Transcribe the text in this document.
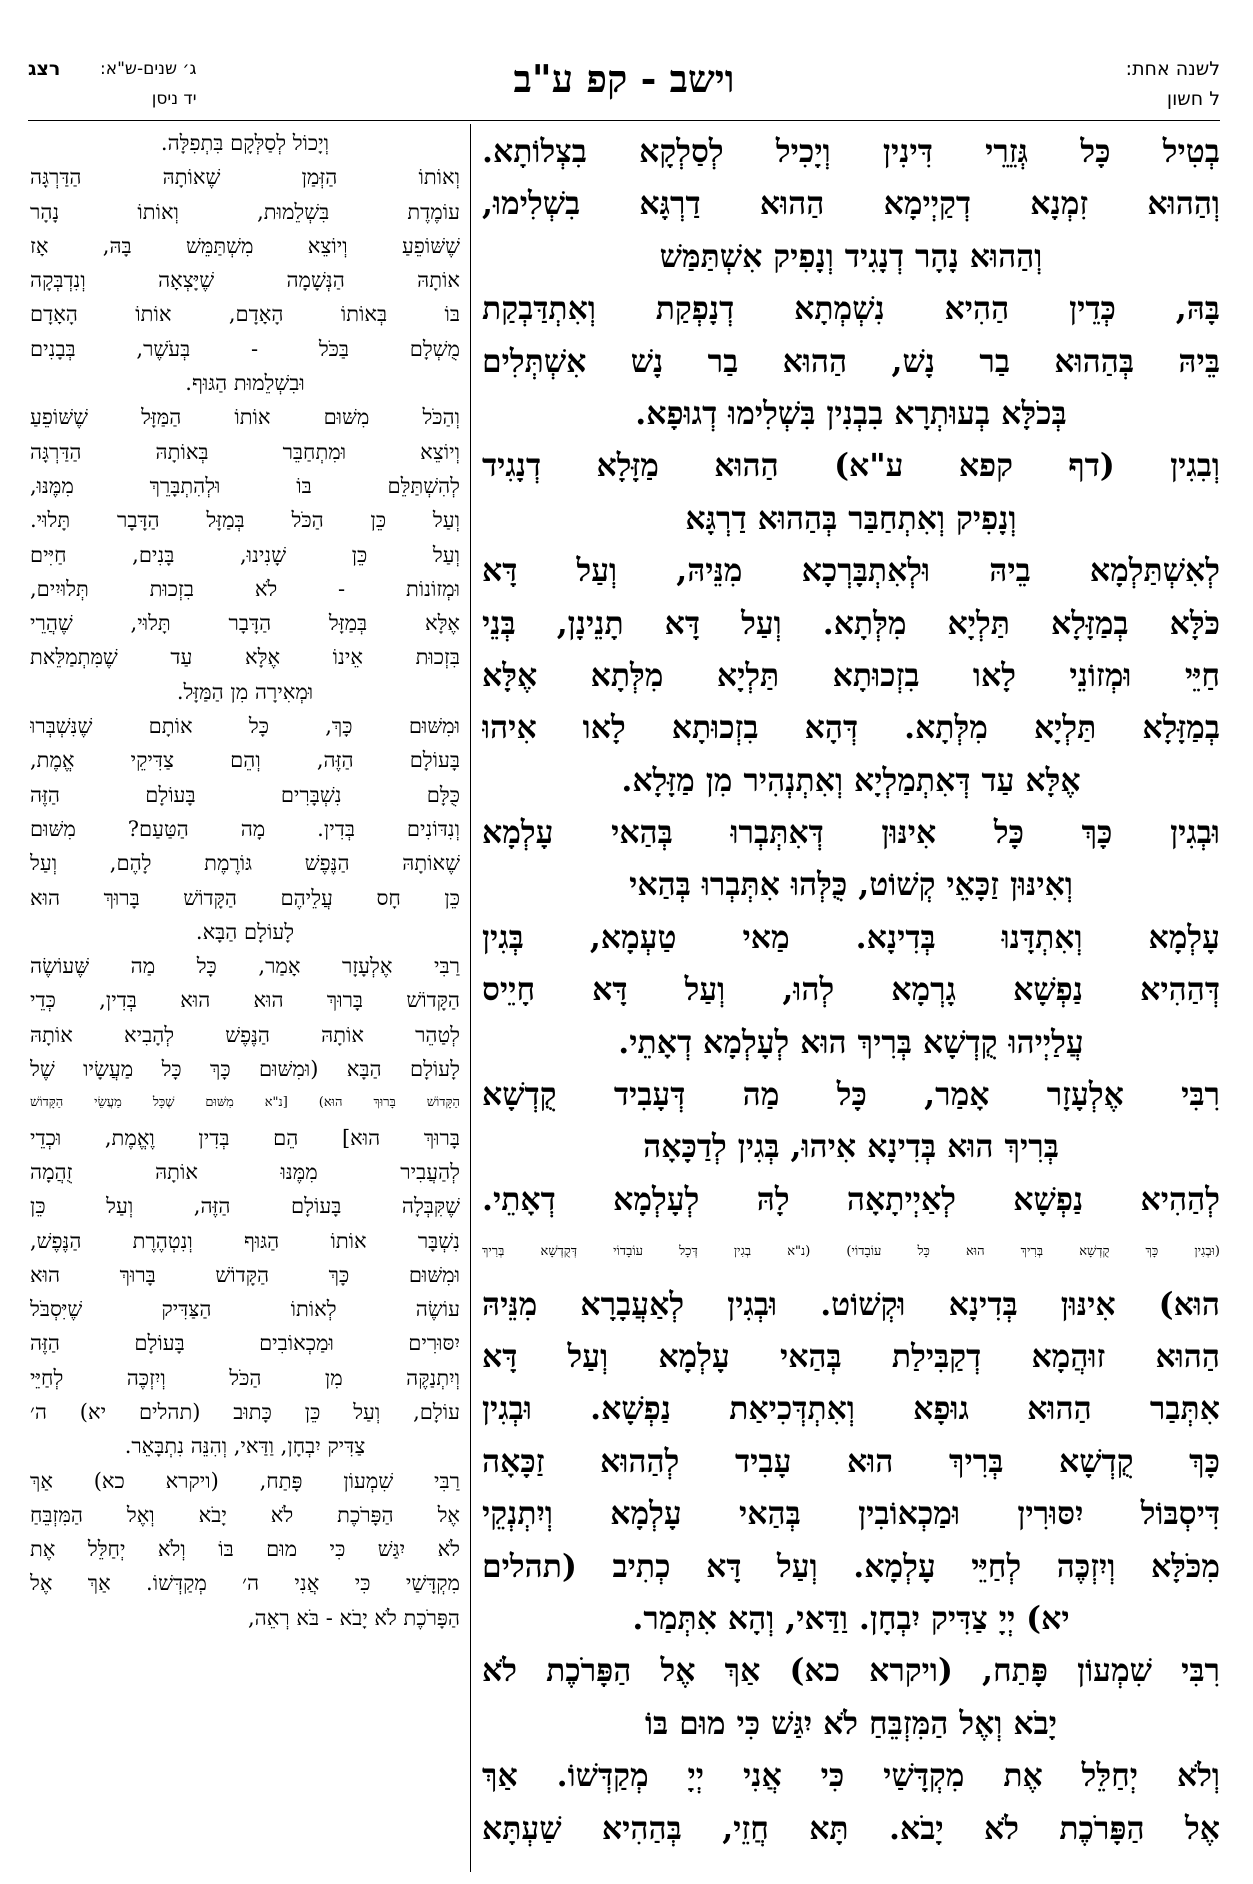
לשנה אחת:
ל חשון
וישב - קפ ע"ב
ג׳ שנים-ש"א:
יד ניסן
רצג
בְטִיל כָּל גְּזֵרֵי דִּינִין וְיָכִיל לְסַלְקָא בִצְלוֹתָא.
וְהַהוּא זִמְנָא דְקַיְימָא הַהוּא דַרְגָּא בִשְׁלִימוּ,
וְהַהוּא נָהָר דְנָגִיד וְנָפִיק אִשְׁתַּמַּשׁ
בָּהּ, כְּדֵין הַהִיא נִשְׁמְתָא דְנָפְקַת וְאִתְדַּבְקַת
בֵּיהּ בְּהַהוּא בַר נָשׁ, הַהוּא בַר נָשׁ אִשְׁתְּלִים
בְּכֹלָּא בְעוּתְרָא בִבְנִין בִּשְׁלִימוּ דְגוּפָא.
וְבִגִין (דף קפא ע"א) הַהוּא מַזָּלָא דְנָגִיד
וְנָפִיק וְאִתְחַבַּר בְּהַהוּא דַרְגָּא
לְאִשְׁתַּלְמָא בֵיהּ וּלְאִתְבָּרְכָא מִנֵּיהּ, וְעַל דָּא
כֹּלָּא בְמַזָּלָא תַּלְיָא מִלְּתָא. וְעַל דָּא תָנֵינָן, בְּנֵי
חַיֵּי וּמְזוֹנֵי לָאו בִזְכוּתָא תַּלְיָא מִלְּתָא אֶלָּא
בְמַזָּלָא תַּלְיָא מִלְּתָא. דְּהָא בִזְכוּתָא לָאו אִיהוּ
אֶלָּא עַד דְּאִתְמַלְיָא וְאִתְנְהִיר מִן מַזָּלָא.
וּבְגִין כָּךְ כָּל אִינּוּן דְּאִתְּבְרוּ בְּהַאי עָלְמָא
וְאִינּוּן זַכָּאֵי קְשׁוֹט, כֻּלְּהוּ אִתְּבְרוּ בְּהַאי
עָלְמָא וְאִתְדָּנוּ בְּדִינָא. מַאי טַעְמָא, בְּגִין
דְּהַהִיא נַפְשָׁא גָרְמָא לְהוּ, וְעַל דָּא חָיֵיס
עֲלַיְיהוּ קֻדְשָׁא בְּרִיךְ הוּא לְעָלְמָא דְאָתֵי.
רִבִּי אֶלְעָזָר אָמַר, כָּל מַה דְּעָבִיד קֻדְשָׁא
בְּרִיךְ הוּא בְּדִינָא אִיהוּ, בְּגִין לְדַכָּאָה
לְהַהִיא נַפְשָׁא לְאַיְיתָאָה לָהּ לְעָלְמָא דְאָתֵי.
(וּבְגִין כָּךְ קֻדְשָׁא בְּרִיךְ הוּא כָּל עוֹבָדוֹי) (נ"א בְגִין דְּכָל עוֹבָדוֹי דְּקֻדְשָׁא בְּרִיךְ
הוּא) אִינּוּן בְּדִינָא וּקְשׁוֹט. וּבְגִין לְאַעֲבָרָא מִנֵּיהּ
הַהוּא זוּהֲמָא דְקַבִּילַת בְּהַאי עָלְמָא וְעַל דָּא
אִתְּבַר הַהוּא גוּפָא וְאִתְדְּכִיאַת נַפְשָׁא. וּבְגִין
כָּךְ קֻדְשָׁא בְּרִיךְ הוּא עָבִיד לְהַהוּא זַכָּאָה
דִּיסְבּוֹל יִסּוּרִין וּמַכְאוֹבִין בְּהַאי עָלְמָא וְיִתְנְקֵי
מִכֹּלָּא וְיִזְכֶּה לְחַיֵּי עָלְמָא. וְעַל דָּא כְתִיב (תהלים
יא) יְיָ צַדִּיק יִבְחָן. וַדַּאי, וְהָא אִתְּמַר.
רִבִּי שִׁמְעוֹן פָּתַח, (ויקרא כא) אַךְ אֶל הַפָּרֹכֶת לֹא
יָבֹא וְאֶל הַמִּזְבֵּחַ לֹא יִגַּשׁ כִּי מוּם בּוֹ
וְלֹא יְחַלֵּל אֶת מִקְדָּשַׁי כִּי אֲנִי יְיָ מְקַדְּשׁוֹ. אַךְ
אֶל הַפָּרֹכֶת לֹא יָבֹא. תָּא חֲזֵי, בְּהַהִיא שַׁעְתָּא
וְיָכוֹל לְסַלְּקָם בִּתְפִלָּה.
וְאוֹתוֹ הַזְּמַן שֶׁאוֹתָהּ הַדַּרְגָּה
עוֹמֶדֶת בִּשְׁלֵמוּת, וְאוֹתוֹ נָהָר
שֶׁשּׁוֹפֵעַ וְיוֹצֵא מִשְׁתַּמֵּשׁ בָּהּ, אָז
אוֹתָהּ הַנְּשָׁמָה שֶׁיָּצְאָה וְנִדְבְּקָה
בּוֹ בְּאוֹתוֹ הָאָדָם, אוֹתוֹ הָאָדָם
מֻשְׁלָם בַּכֹּל - בְּעֹשֶׁר, בְּבָנִים
וּבִשְׁלֵמוּת הַגּוּף.
וְהַכֹּל מִשּׁוּם אוֹתוֹ הַמַּזָּל שֶׁשּׁוֹפֵעַ
וְיוֹצֵא וּמִתְחַבֵּר בְּאוֹתָהּ הַדַּרְגָּה
לְהִשְׁתַּלֵּם בּוֹ וּלְהִתְבָּרֵךְ מִמֶּנּוּ,
וְעַל כֵּן הַכֹּל בְּמַזָּל הַדָּבָר תָּלוּי.
וְעַל כֵּן שָׁנִינוּ, בָּנִים, חַיִּים
וּמְזוֹנוֹת - לֹא בִזְכוּת תְּלוּיִים,
אֶלָּא בְּמַזָּל הַדָּבָר תָּלוּי, שֶׁהֲרֵי
בִּזְכוּת אֵינוֹ אֶלָּא עַד שֶׁמִּתְמַלֵּאת
וּמְאִירָה מִן הַמַּזָּל.
וּמִשּׁוּם כָּךְ, כָּל אוֹתָם שֶׁנִּשְׁבְּרוּ
בָּעוֹלָם הַזֶּה, וְהֵם צַדִּיקֵי אֱמֶת,
כֻּלָּם נִשְׁבָּרִים בָּעוֹלָם הַזֶּה
וְנִדּוֹנִים בְּדִין. מָה הַטַּעַם? מִשּׁוּם
שֶׁאוֹתָהּ הַנֶּפֶשׁ גּוֹרֶמֶת לָהֶם, וְעַל
כֵּן חָס עֲלֵיהֶם הַקָּדוֹשׁ בָּרוּךְ הוּא
לָעוֹלָם הַבָּא.
רַבִּי אֶלְעָזָר אָמַר, כָּל מַה שֶּׁעוֹשֶׂה
הַקָּדוֹשׁ בָּרוּךְ הוּא הוּא בְּדִין, כְּדֵי
לְטַהֵר אוֹתָהּ הַנֶּפֶשׁ לְהָבִיא אוֹתָהּ
לָעוֹלָם הַבָּא (וּמִשּׁוּם כָּךְ כָּל מַעֲשָׂיו שֶׁל
הַקָּדוֹשׁ בָּרוּךְ הוּא) [נ"א מִשּׁוּם שֶׁכָּל מַעֲשֵׂי הַקָּדוֹשׁ
בָּרוּךְ הוּא] הֵם בְּדִין וֶאֱמֶת, וּכְדֵי
לְהַעֲבִיר מִמֶּנּוּ אוֹתָהּ זֻהֲמָה
שֶׁקִּבְּלָה בָּעוֹלָם הַזֶּה, וְעַל כֵּן
נִשְׁבָּר אוֹתוֹ הַגּוּף וְנִטְהֶרֶת הַנֶּפֶשׁ,
וּמִשּׁוּם כָּךְ הַקָּדוֹשׁ בָּרוּךְ הוּא
עוֹשֶׂה לְאוֹתוֹ הַצַּדִּיק שֶׁיִּסְבֹּל
יִסּוּרִים וּמַכְאוֹבִים בָּעוֹלָם הַזֶּה
וְיִתְנַקֶּה מִן הַכֹּל וְיִזְכֶּה לְחַיֵּי
עוֹלָם, וְעַל כֵּן כָּתוּב (תהלים יא) ה׳
צַדִּיק יִבְחָן, וַדַּאי, וְהִנֵּה נִתְבָּאֵר.
רַבִּי שִׁמְעוֹן פָּתַח, (ויקרא כא) אַךְ
אֶל הַפָּרֹכֶת לֹא יָבֹא וְאֶל הַמִּזְבֵּחַ
לֹא יִגַּשׁ כִּי מוּם בּוֹ וְלֹא יְחַלֵּל אֶת
מִקְדָּשַׁי כִּי אֲנִי ה׳ מְקַדְּשׁוֹ. אַךְ אֶל
הַפָּרֹכֶת לֹא יָבֹא - בֹּא רְאֵה,
